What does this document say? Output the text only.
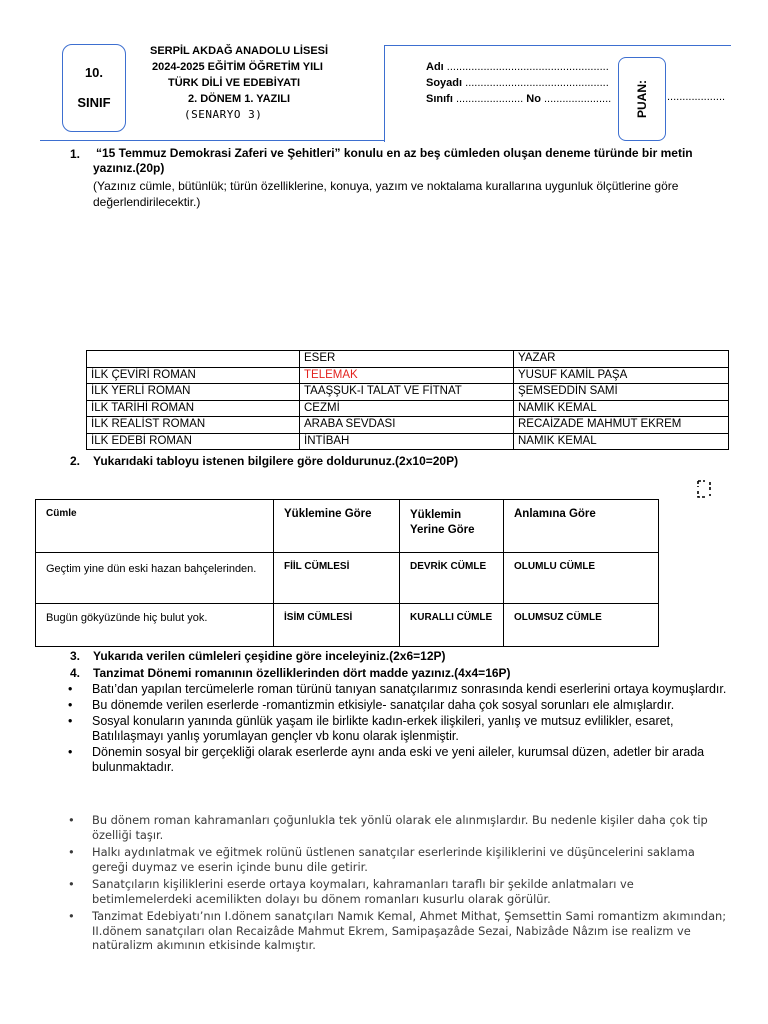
10.
SINIF
SERPİL AKDAĞ ANADOLU LİSESİ
2024-2025 EĞİTİM ÖĞRETİM YILI
TÜRK DİLİ VE EDEBİYATI
2. DÖNEM 1. YAZILI
(SENARYO 3)
Adı .....................................................
Soyadı ...............................................
Sınıfı ...................... No ...................... PUAN: ...................
1. “15 Temmuz Demokrasi Zaferi ve Şehitleri” konulu en az beş cümleden oluşan deneme türünde bir metin yazınız.(20p)
(Yazınız cümle, bütünlük; türün özelliklerine, konuya, yazım ve noktalama kurallarına uygunluk ölçütlerine göre değerlendirilecektir.)
	ESER	YAZAR
İLK ÇEVİRİ ROMAN	TELEMAK	YUSUF KAMİL PAŞA
İLK YERLİ ROMAN	TAAŞŞUK-I TALAT VE FİTNAT	ŞEMSEDDİN SAMİ
İLK TARİHİ ROMAN	CEZMİ	NAMIK KEMAL
İLK REALİST ROMAN	ARABA SEVDASI	RECAİZADE MAHMUT EKREM
İLK EDEBİ ROMAN	İNTİBAH	NAMIK KEMAL
2. Yukarıdaki tabloyu istenen bilgilere göre doldurunuz.(2x10=20P)
Cümle	Yüklemine Göre	Yüklemin Yerine Göre	Anlamına Göre
Geçtim yine dün eski hazan bahçelerinden.	FİİL CÜMLESİ	DEVRİK CÜMLE	OLUMLU CÜMLE
Bugün gökyüzünde hiç bulut yok.	İSİM CÜMLESİ	KURALLI CÜMLE	OLUMSUZ CÜMLE
3. Yukarıda verilen cümleleri çeşidine göre inceleyiniz.(2x6=12P)
4. Tanzimat Dönemi romanının özelliklerinden dört madde yazınız.(4x4=16P)
• Batı’dan yapılan tercümelerle roman türünü tanıyan sanatçılarımız sonrasında kendi eserlerini ortaya koymuşlardır.
• Bu dönemde verilen eserlerde -romantizmin etkisiyle- sanatçılar daha çok sosyal sorunları ele almışlardır.
• Sosyal konuların yanında günlük yaşam ile birlikte kadın-erkek ilişkileri, yanlış ve mutsuz evlilikler, esaret, Batılılaşmayı yanlış yorumlayan gençler vb konu olarak işlenmiştir.
• Dönemin sosyal bir gerçekliği olarak eserlerde aynı anda eski ve yeni aileler, kurumsal düzen, adetler bir arada bulunmaktadır.
• Bu dönem roman kahramanları çoğunlukla tek yönlü olarak ele alınmışlardır. Bu nedenle kişiler daha çok tip özelliği taşır.
• Halkı aydınlatmak ve eğitmek rolünü üstlenen sanatçılar eserlerinde kişiliklerini ve düşüncelerini saklama gereği duymaz ve eserin içinde bunu dile getirir.
• Sanatçıların kişiliklerini eserde ortaya koymaları, kahramanları taraflı bir şekilde anlatmaları ve betimlemelerdeki acemilikten dolayı bu dönem romanları kusurlu olarak görülür.
• Tanzimat Edebiyatı’nın I.dönem sanatçıları Namık Kemal, Ahmet Mithat, Şemsettin Sami romantizm akımından; II.dönem sanatçıları olan Recaizâde Mahmut Ekrem, Samipaşazâde Sezai, Nabizâde Nâzım ise realizm ve natüralizm akımının etkisinde kalmıştır.
